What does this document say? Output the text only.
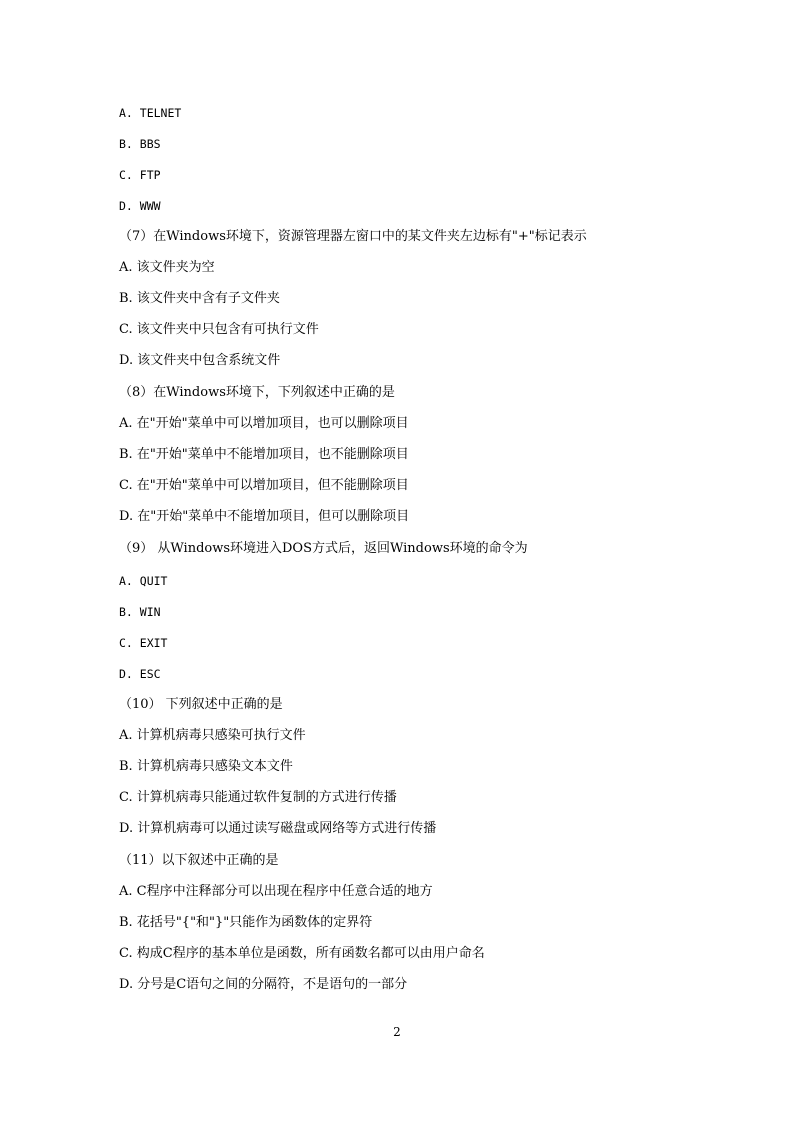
A. TELNET
B. BBS
C. FTP
D. WWW
（7）在Windows环境下，资源管理器左窗口中的某文件夹左边标有"+"标记表示
A. 该文件夹为空
B. 该文件夹中含有子文件夹
C. 该文件夹中只包含有可执行文件
D. 该文件夹中包含系统文件
（8）在Windows环境下，下列叙述中正确的是
A. 在"开始"菜单中可以增加项目，也可以删除项目
B. 在"开始"菜单中不能增加项目，也不能删除项目
C. 在"开始"菜单中可以增加项目，但不能删除项目
D. 在"开始"菜单中不能增加项目，但可以删除项目
（9） 从Windows环境进入DOS方式后，返回Windows环境的命令为
A. QUIT
B. WIN
C. EXIT
D. ESC
（10） 下列叙述中正确的是
A. 计算机病毒只感染可执行文件
B. 计算机病毒只感染文本文件
C. 计算机病毒只能通过软件复制的方式进行传播
D. 计算机病毒可以通过读写磁盘或网络等方式进行传播
（11）以下叙述中正确的是
A. C程序中注释部分可以出现在程序中任意合适的地方
B. 花括号"{"和"}"只能作为函数体的定界符
C. 构成C程序的基本单位是函数，所有函数名都可以由用户命名
D. 分号是C语句之间的分隔符，不是语句的一部分
2
